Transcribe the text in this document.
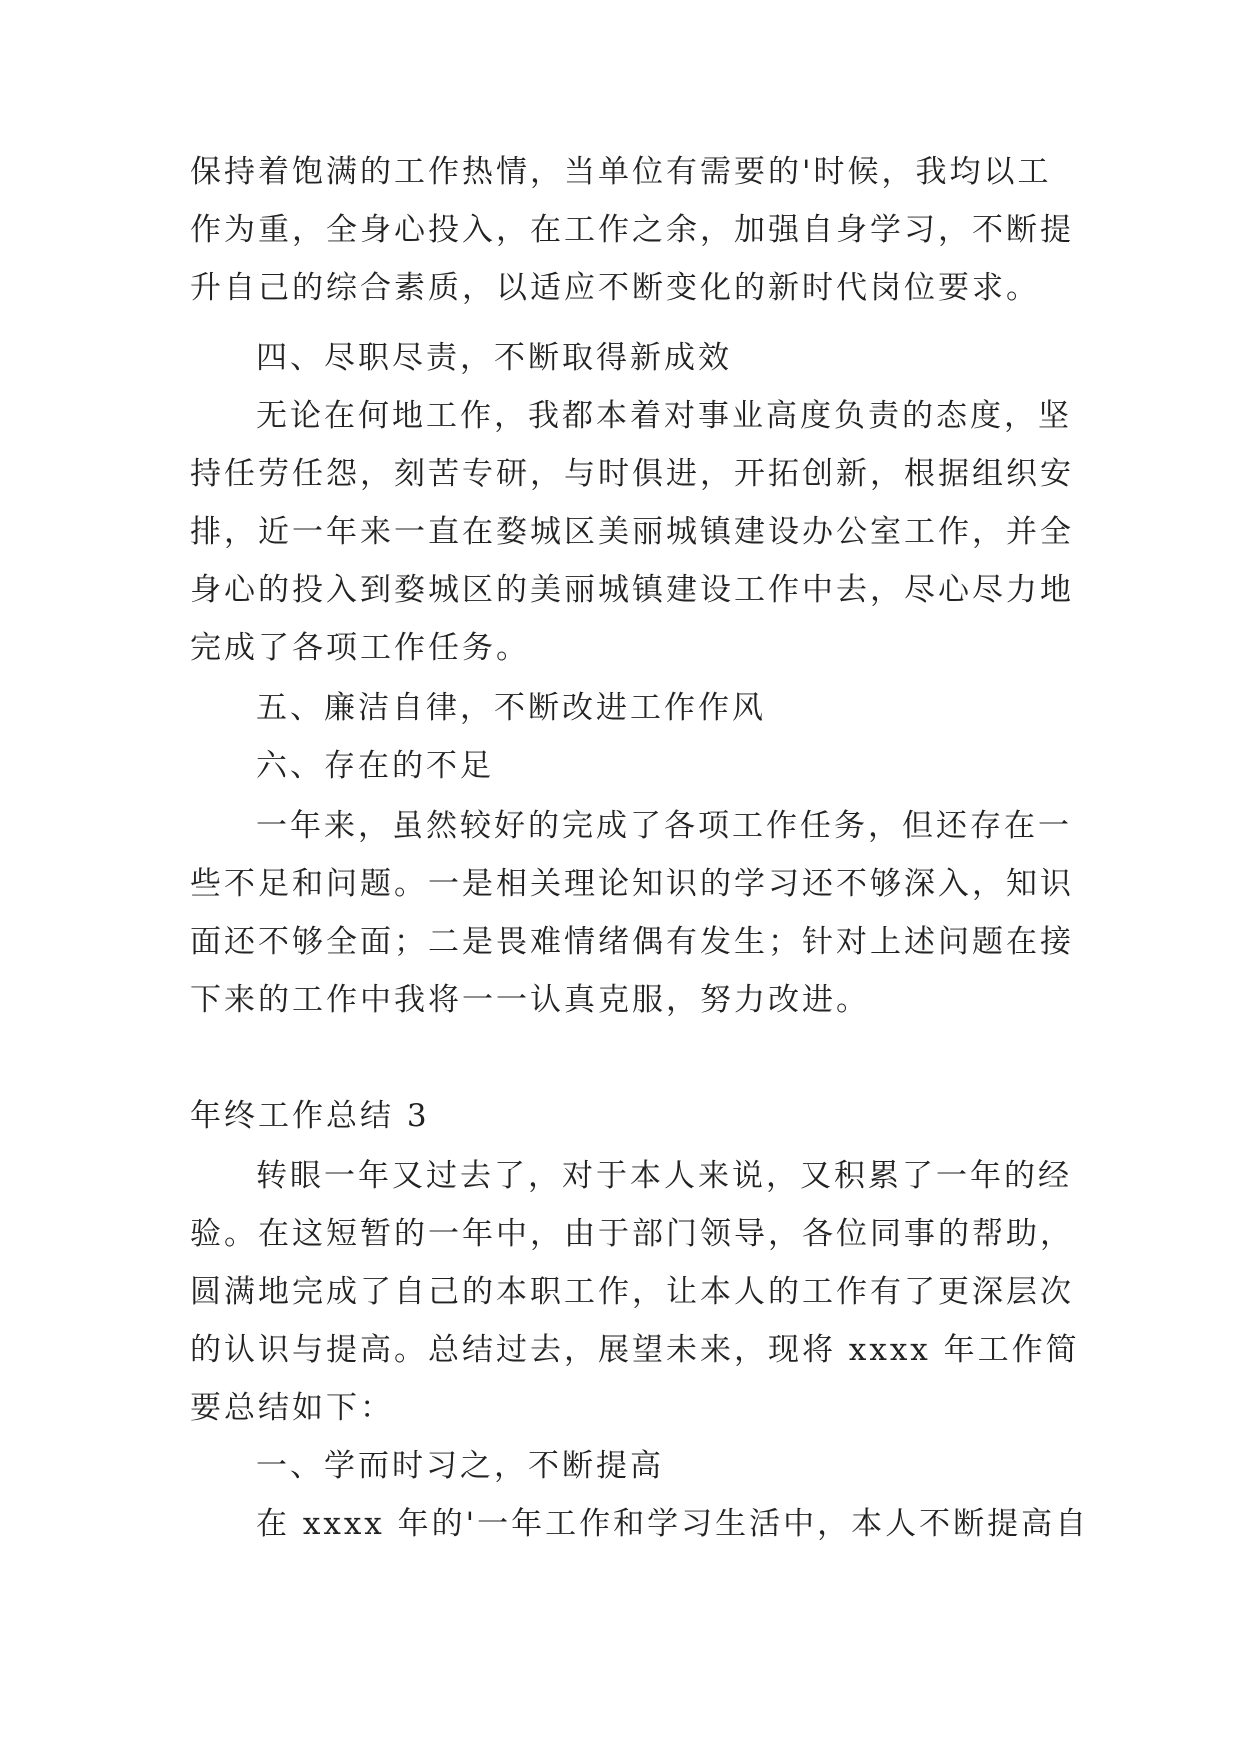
保持着饱满的工作热情，当单位有需要的'时候，我均以工
作为重，全身心投入，在工作之余，加强自身学习，不断提
升自己的综合素质，以适应不断变化的新时代岗位要求。
四、尽职尽责，不断取得新成效
无论在何地工作，我都本着对事业高度负责的态度，坚
持任劳任怨，刻苦专研，与时俱进，开拓创新，根据组织安
排，近一年来一直在婺城区美丽城镇建设办公室工作，并全
身心的投入到婺城区的美丽城镇建设工作中去，尽心尽力地
完成了各项工作任务。
五、廉洁自律，不断改进工作作风
六、存在的不足
一年来，虽然较好的完成了各项工作任务，但还存在一
些不足和问题。一是相关理论知识的学习还不够深入，知识
面还不够全面；二是畏难情绪偶有发生；针对上述问题在接
下来的工作中我将一一认真克服，努力改进。
年终工作总结 3
转眼一年又过去了，对于本人来说，又积累了一年的经
验。在这短暂的一年中，由于部门领导，各位同事的帮助，
圆满地完成了自己的本职工作，让本人的工作有了更深层次
的认识与提高。总结过去，展望未来，现将 xxxx 年工作简
要总结如下：
一、学而时习之，不断提高
在 xxxx 年的'一年工作和学习生活中，本人不断提高自
